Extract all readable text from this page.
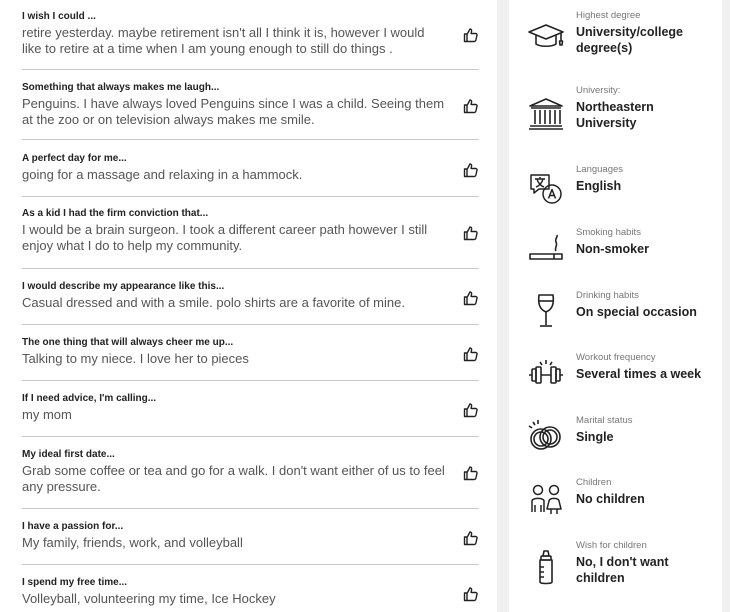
I wish I could ...
retire yesterday. maybe retirement isn't all I think it is, however I would like to retire at a time when I am young enough to still do things .
Something that always makes me laugh...
Penguins. I have always loved Penguins since I was a child. Seeing them at the zoo or on television always makes me smile.
A perfect day for me...
going for a massage and relaxing in a hammock.
As a kid I had the firm conviction that...
I would be a brain surgeon. I took a different career path however I still enjoy what I do to help my community.
I would describe my appearance like this...
Casual dressed and with a smile. polo shirts are a favorite of mine.
The one thing that will always cheer me up...
Talking to my niece. I love her to pieces
If I need advice, I'm calling...
my mom
My ideal first date...
Grab some coffee or tea and go for a walk. I don't want either of us to feel any pressure.
I have a passion for...
My family, friends, work, and volleyball
I spend my free time...
Volleyball, volunteering my time, Ice Hockey
Highest degree
University/college degree(s)
University:
Northeastern University
Languages
English
Smoking habits
Non-smoker
Drinking habits
On special occasion
Workout frequency
Several times a week
Marital status
Single
Children
No children
Wish for children
No, I don't want children
